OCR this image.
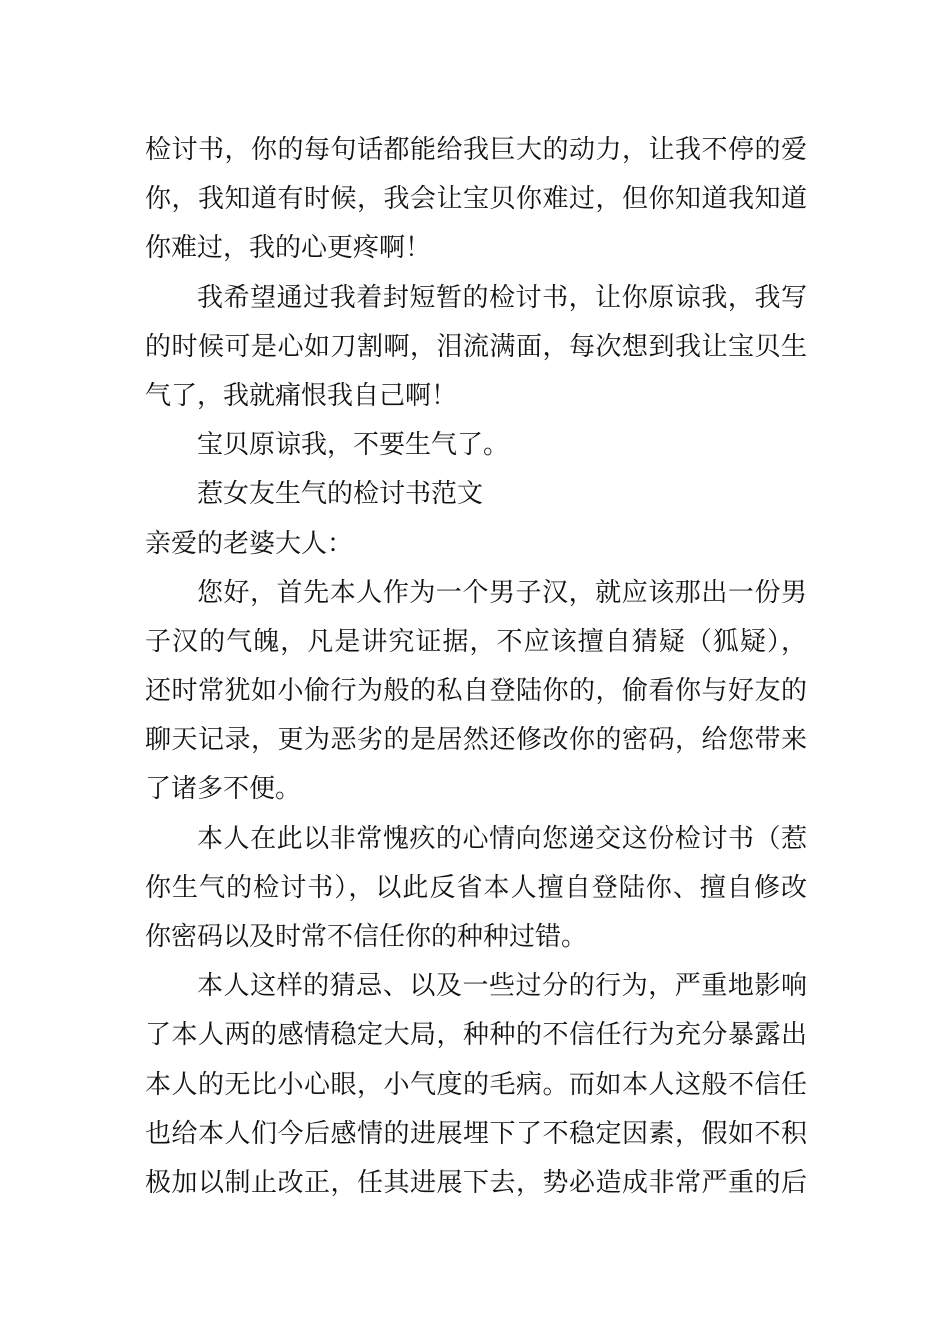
检讨书，你的每句话都能给我巨大的动力，让我不停的爱
你，我知道有时候，我会让宝贝你难过，但你知道我知道
你难过，我的心更疼啊！
我希望通过我着封短暂的检讨书，让你原谅我，我写
的时候可是心如刀割啊，泪流满面，每次想到我让宝贝生
气了，我就痛恨我自己啊！
宝贝原谅我，不要生气了。
惹女友生气的检讨书范文
亲爱的老婆大人：
您好，首先本人作为一个男子汉，就应该那出一份男
子汉的气魄，凡是讲究证据，不应该擅自猜疑（狐疑），
还时常犹如小偷行为般的私自登陆你的，偷看你与好友的
聊天记录，更为恶劣的是居然还修改你的密码，给您带来
了诸多不便。
本人在此以非常愧疚的心情向您递交这份检讨书（惹
你生气的检讨书），以此反省本人擅自登陆你、擅自修改
你密码以及时常不信任你的种种过错。
本人这样的猜忌、以及一些过分的行为，严重地影响
了本人两的感情稳定大局，种种的不信任行为充分暴露出
本人的无比小心眼，小气度的毛病。而如本人这般不信任
也给本人们今后感情的进展埋下了不稳定因素，假如不积
极加以制止改正，任其进展下去，势必造成非常严重的后
